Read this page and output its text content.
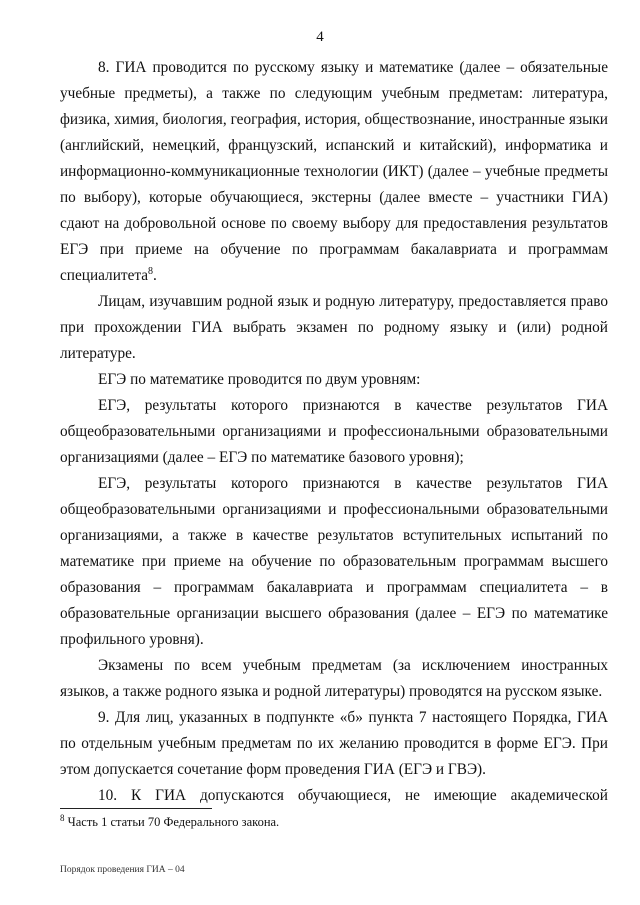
4

8. ГИА проводится по русскому языку и математике (далее – обязательные учебные предметы), а также по следующим учебным предметам: литература, физика, химия, биология, география, история, обществознание, иностранные языки (английский, немецкий, французский, испанский и китайский), информатика и информационно-коммуникационные технологии (ИКТ) (далее – учебные предметы по выбору), которые обучающиеся, экстерны (далее вместе – участники ГИА) сдают на добровольной основе по своему выбору для предоставления результатов ЕГЭ при приеме на обучение по программам бакалавриата и программам специалитета$^8$.

Лицам, изучавшим родной язык и родную литературу, предоставляется право при прохождении ГИА выбрать экзамен по родному языку и (или) родной литературе.

ЕГЭ по математике проводится по двум уровням:

ЕГЭ, результаты которого признаются в качестве результатов ГИА общеобразовательными организациями и профессиональными образовательными организациями (далее – ЕГЭ по математике базового уровня);

ЕГЭ, результаты которого признаются в качестве результатов ГИА общеобразовательными организациями и профессиональными образовательными организациями, а также в качестве результатов вступительных испытаний по математике при приеме на обучение по образовательным программам высшего образования – программам бакалавриата и программам специалитета – в образовательные организации высшего образования (далее – ЕГЭ по математике профильного уровня).

Экзамены по всем учебным предметам (за исключением иностранных языков, а также родного языка и родной литературы) проводятся на русском языке.

9. Для лиц, указанных в подпункте «б» пункта 7 настоящего Порядка, ГИА по отдельным учебным предметам по их желанию проводится в форме ЕГЭ. При этом допускается сочетание форм проведения ГИА (ЕГЭ и ГВЭ).

10. К ГИА допускаются обучающиеся, не имеющие академической

$^8$ Часть 1 статьи 70 Федерального закона.
Порядок проведения ГИА – 04
